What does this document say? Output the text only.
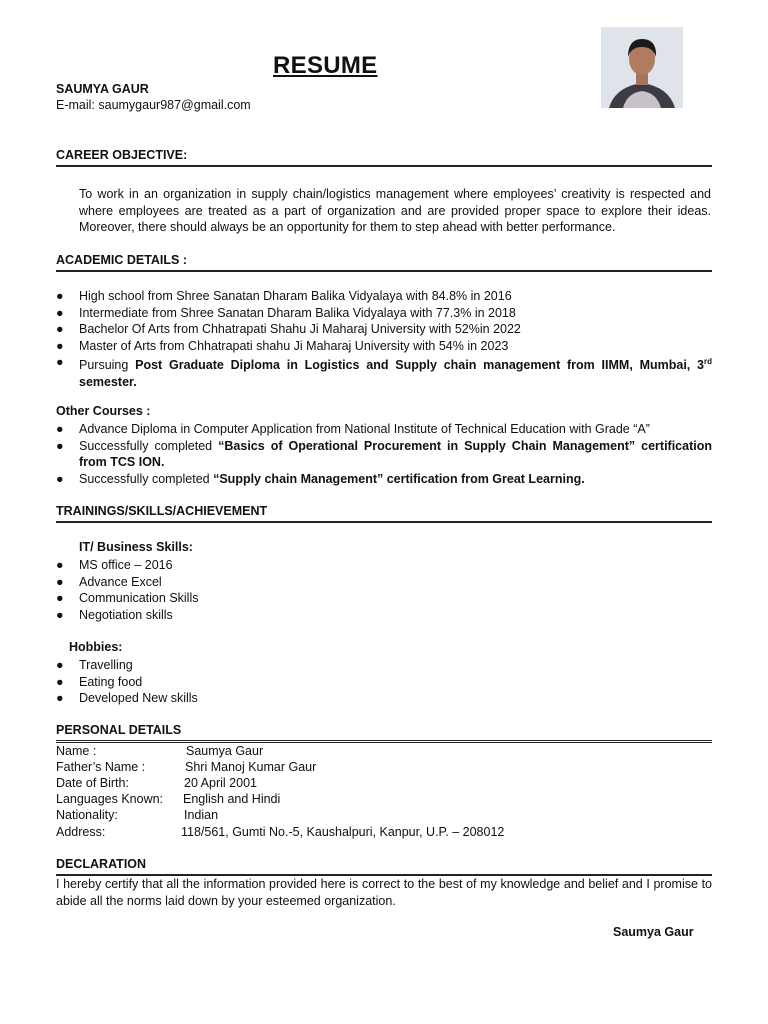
RESUME
SAUMYA GAUR
E-mail: saumygaur987@gmail.com
CAREER OBJECTIVE:
To work in an organization in supply chain/logistics management where employees’ creativity is respected and where employees are treated as a part of organization and are provided proper space to explore their ideas. Moreover, there should always be an opportunity for them to step ahead with better performance.
ACADEMIC DETAILS :
● High school from Shree Sanatan Dharam Balika Vidyalaya with 84.8% in 2016
● Intermediate from Shree Sanatan Dharam Balika Vidyalaya with 77.3% in 2018
● Bachelor Of Arts from Chhatrapati Shahu Ji Maharaj University with 52%in 2022
● Master of Arts from Chhatrapati shahu Ji Maharaj University with 54% in 2023
● Pursuing Post Graduate Diploma in Logistics and Supply chain management from IIMM, Mumbai, 3rd semester.
Other Courses :
● Advance Diploma in Computer Application from National Institute of Technical Education with Grade “A”
● Successfully completed “Basics of Operational Procurement in Supply Chain Management” certification from TCS ION.
● Successfully completed “Supply chain Management” certification from Great Learning.
TRAININGS/SKILLS/ACHIEVEMENT
IT/ Business Skills:
● MS office – 2016
● Advance Excel
● Communication Skills
● Negotiation skills
Hobbies:
● Travelling
● Eating food
● Developed New skills
PERSONAL DETAILS
Name :	Saumya Gaur
Father’s Name :	Shri Manoj Kumar Gaur
Date of Birth:	20 April 2001
Languages Known: English and Hindi
Nationality:	Indian
Address:	118/561, Gumti No.-5, Kaushalpuri, Kanpur, U.P. – 208012
DECLARATION
I hereby certify that all the information provided here is correct to the best of my knowledge and belief and I promise to abide all the norms laid down by your esteemed organization.
Saumya Gaur
